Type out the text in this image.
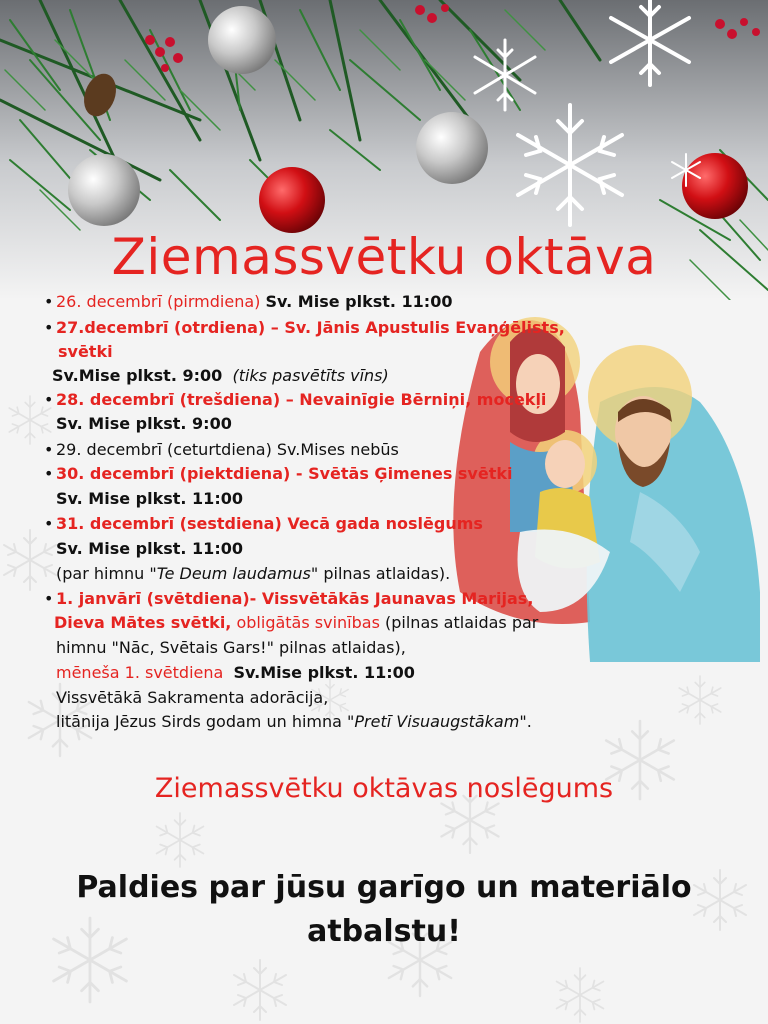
Ziemassvētku oktāva
• 26. decembrī (pirmdiena) Sv. Mise plkst. 11:00
• 27.decembrī (otrdiena) – Sv. Jānis Apustulis Evaņģēlists,
svētki
Sv.Mise plkst. 9:00 (tiks pasvētīts vīns)
• 28. decembrī (trešdiena) – Nevainīgie Bērniņi, mocekļi
Sv. Mise plkst. 9:00
• 29. decembrī (ceturtdiena) Sv.Mises nebūs
• 30. decembrī (piektdiena) - Svētās Ģimenes svētki
Sv. Mise plkst. 11:00
• 31. decembrī (sestdiena) Vecā gada noslēgums
Sv. Mise plkst. 11:00
(par himnu "Te Deum laudamus" pilnas atlaidas).
• 1. janvārī (svētdiena)- Vissvētākās Jaunavas Marijas,
Dieva Mātes svētki, obligātās svinības (pilnas atlaidas par
himnu "Nāc, Svētais Gars!" pilnas atlaidas),
mēneša 1. svētdiena Sv.Mise plkst. 11:00
Vissvētākā Sakramenta adorācija,
litānija Jēzus Sirds godam un himna "Pretī Visuaugstākam".
Ziemassvētku oktāvas noslēgums
Paldies par jūsu garīgo un materiālo atbalstu!
